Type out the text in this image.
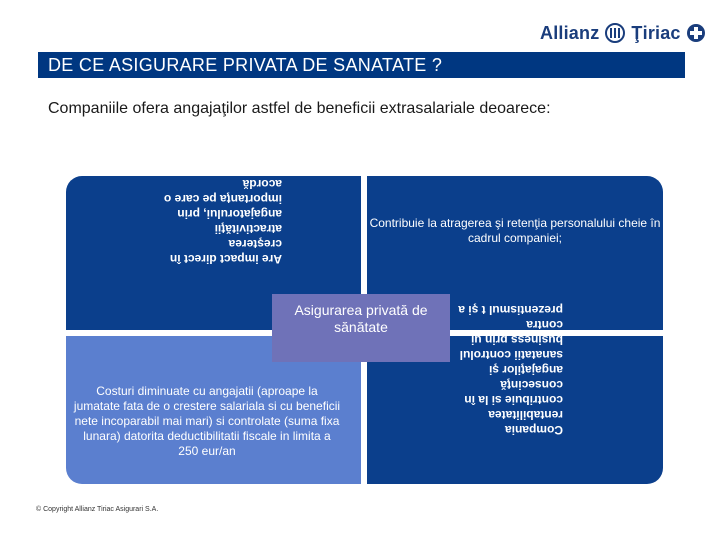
Allianz Ţiriac
DE CE ASIGURARE PRIVATA DE SANATATE ?
Companiile ofera angajaţilor astfel de beneficii extrasalariale deoarece:
Are impact direct în creşterea atractivităţii angajatorului, prin importanţa pe care o acordă
Contribuie la atragerea şi retenţia personalului cheie în cadrul companiei;
Costuri diminuate cu angajatii (aproape la jumatate fata de o crestere salariala si cu beneficii nete incoparabil mai mari) si controlate (suma fixa lunara) datorita deductibilitatii fiscale in limita a 250 eur/an
Compania rentabilitatea contribuie si la în consecinţă angajaţilor şi sanatatii controlul business prin ui contra prezentismul t şi a
Asigurarea privată de sănătate
© Copyright Allianz Tiriac Asigurari S.A.
